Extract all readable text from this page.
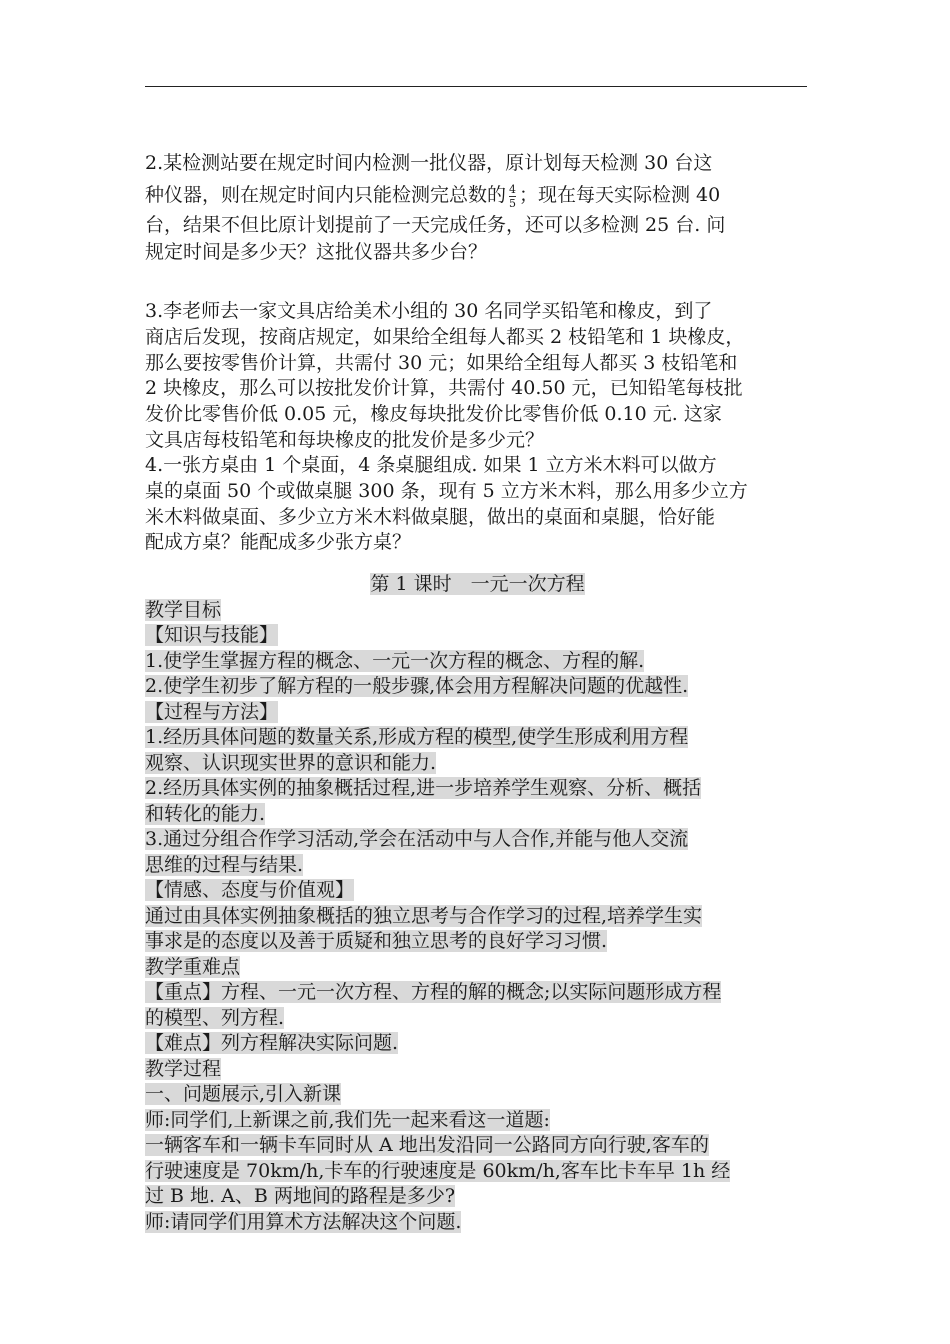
2.某检测站要在规定时间内检测一批仪器，原计划每天检测 30 台这
种仪器，则在规定时间内只能检测完总数的 $\frac{4}{5}$ ；现在每天实际检测 40
台，结果不但比原计划提前了一天完成任务，还可以多检测 25 台. 问
规定时间是多少天？这批仪器共多少台？
3.李老师去一家文具店给美术小组的 30 名同学买铅笔和橡皮，到了
商店后发现，按商店规定，如果给全组每人都买 2 枝铅笔和 1 块橡皮，
那么要按零售价计算，共需付 30 元；如果给全组每人都买 3 枝铅笔和
2 块橡皮，那么可以按批发价计算，共需付 40.50 元，已知铅笔每枝批
发价比零售价低 0.05 元，橡皮每块批发价比零售价低 0.10 元. 这家
文具店每枝铅笔和每块橡皮的批发价是多少元？
4.一张方桌由 1 个桌面，4 条桌腿组成. 如果 1 立方米木料可以做方
桌的桌面 50 个或做桌腿 300 条，现有 5 立方米木料，那么用多少立方
米木料做桌面、多少立方米木料做桌腿，做出的桌面和桌腿，恰好能
配成方桌？能配成多少张方桌？
第 1 课时　一元一次方程
教学目标
【知识与技能】
1.使学生掌握方程的概念、一元一次方程的概念、方程的解.
2.使学生初步了解方程的一般步骤,体会用方程解决问题的优越性.
【过程与方法】
1.经历具体问题的数量关系,形成方程的模型,使学生形成利用方程
观察、认识现实世界的意识和能力.
2.经历具体实例的抽象概括过程,进一步培养学生观察、分析、概括
和转化的能力.
3.通过分组合作学习活动,学会在活动中与人合作,并能与他人交流
思维的过程与结果.
【情感、态度与价值观】
通过由具体实例抽象概括的独立思考与合作学习的过程,培养学生实
事求是的态度以及善于质疑和独立思考的良好学习习惯.
教学重难点
【重点】方程、一元一次方程、方程的解的概念;以实际问题形成方程
的模型、列方程.
【难点】列方程解决实际问题.
教学过程
一、问题展示,引入新课
师:同学们,上新课之前,我们先一起来看这一道题:
一辆客车和一辆卡车同时从 A 地出发沿同一公路同方向行驶,客车的
行驶速度是 70km/h,卡车的行驶速度是 60km/h,客车比卡车早 1h 经
过 B 地. A、B 两地间的路程是多少?
师:请同学们用算术方法解决这个问题.
